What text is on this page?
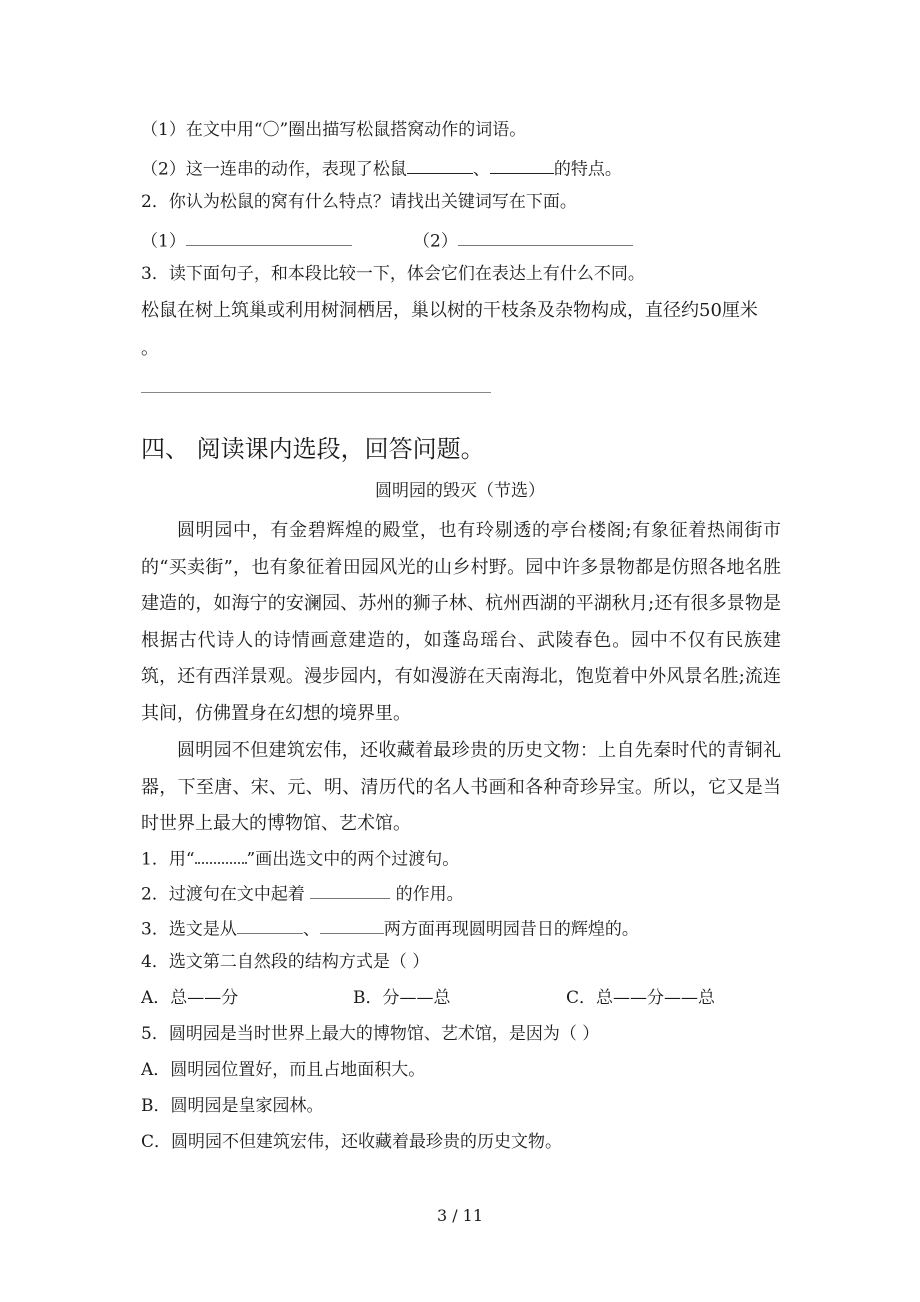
（1）在文中用“〇”圈出描写松鼠搭窝动作的词语。
（2）这一连串的动作，表现了松鼠	、	的特点。
2．你认为松鼠的窝有什么特点？请找出关键词写在下面。
（1）	（2）
3．读下面句子，和本段比较一下，体会它们在表达上有什么不同。
松鼠在树上筑巢或利用树洞栖居，巢以树的干枝条及杂物构成，直径约50厘米
。
四、 阅读课内选段，回答问题。
圆明园的毁灭（节选）
圆明园中，有金碧辉煌的殿堂，也有玲剔透的亭台楼阁;有象征着热闹街市的“买卖街”，也有象征着田园风光的山乡村野。园中许多景物都是仿照各地名胜建造的，如海宁的安澜园、苏州的狮子林、杭州西湖的平湖秋月;还有很多景物是根据古代诗人的诗情画意建造的，如蓬岛瑶台、武陵春色。园中不仅有民族建筑，还有西洋景观。漫步园内，有如漫游在天南海北，饱览着中外风景名胜;流连其间，仿佛置身在幻想的境界里。
圆明园不但建筑宏伟，还收藏着最珍贵的历史文物：上自先秦时代的青铜礼器，下至唐、宋、元、明、清历代的名人书画和各种奇珍异宝。所以，它又是当时世界上最大的博物馆、艺术馆。
1．用“	”画出选文中的两个过渡句。
2．过渡句在文中起着	的作用。
3．选文是从	、	两方面再现圆明园昔日的辉煌的。
4．选文第二自然段的结构方式是（ ）
A．总——分	B．分——总	C．总——分——总
5．圆明园是当时世界上最大的博物馆、艺术馆，是因为（ ）
A．圆明园位置好，而且占地面积大。
B．圆明园是皇家园林。
C．圆明园不但建筑宏伟，还收藏着最珍贵的历史文物。
3 / 11
